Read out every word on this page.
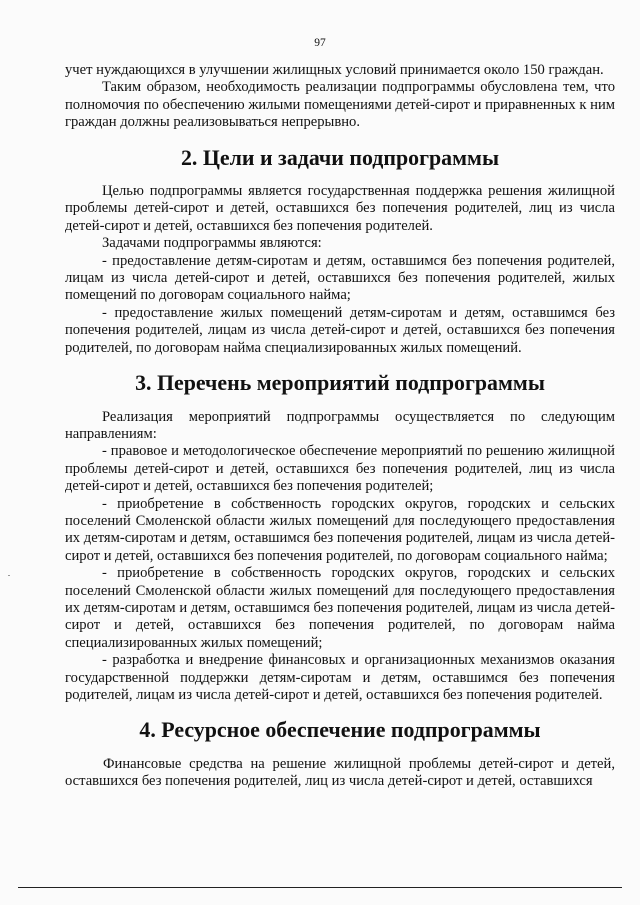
97

учет нуждающихся в улучшении жилищных условий принимается около 150 граждан.

Таким образом, необходимость реализации подпрограммы обусловлена тем, что полномочия по обеспечению жилыми помещениями детей-сирот и приравненных к ним граждан должны реализовываться непрерывно.

2. Цели и задачи подпрограммы

Целью подпрограммы является государственная поддержка решения жилищной проблемы детей-сирот и детей, оставшихся без попечения родителей, лиц из числа детей-сирот и детей, оставшихся без попечения родителей.

Задачами подпрограммы являются:

- предоставление детям-сиротам и детям, оставшимся без попечения родителей, лицам из числа детей-сирот и детей, оставшихся без попечения родителей, жилых помещений по договорам социального найма;

- предоставление жилых помещений детям-сиротам и детям, оставшимся без попечения родителей, лицам из числа детей-сирот и детей, оставшихся без попечения родителей, по договорам найма специализированных жилых помещений.

3. Перечень мероприятий подпрограммы

Реализация мероприятий подпрограммы осуществляется по следующим направлениям:

- правовое и методологическое обеспечение мероприятий по решению жилищной проблемы детей-сирот и детей, оставшихся без попечения родителей, лиц из числа детей-сирот и детей, оставшихся без попечения родителей;

- приобретение в собственность городских округов, городских и сельских поселений Смоленской области жилых помещений для последующего предоставления их детям-сиротам и детям, оставшимся без попечения родителей, лицам из числа детей-сирот и детей, оставшихся без попечения родителей, по договорам социального найма;

- приобретение в собственность городских округов, городских и сельских поселений Смоленской области жилых помещений для последующего предоставления их детям-сиротам и детям, оставшимся без попечения родителей, лицам из числа детей-сирот и детей, оставшихся без попечения родителей, по договорам найма специализированных жилых помещений;

- разработка и внедрение финансовых и организационных механизмов оказания государственной поддержки детям-сиротам и детям, оставшимся без попечения родителей, лицам из числа детей-сирот и детей, оставшихся без попечения родителей.

4. Ресурсное обеспечение подпрограммы

Финансовые средства на решение жилищной проблемы детей-сирот и детей, оставшихся без попечения родителей, лиц из числа детей-сирот и детей, оставшихся
